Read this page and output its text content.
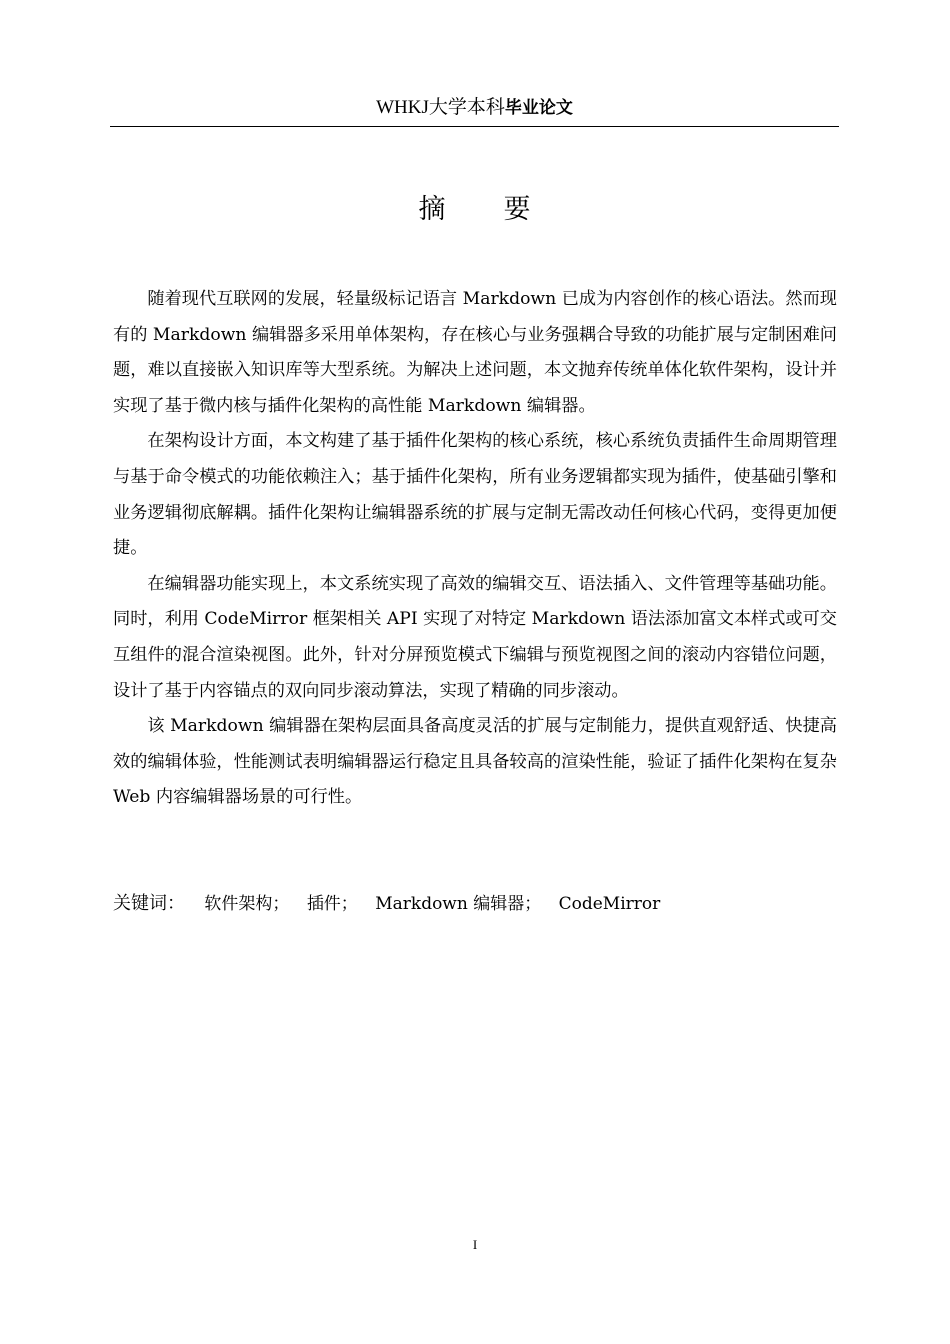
WHKJ大学本科毕业论文
摘要

随着现代互联网的发展，轻量级标记语言 Markdown 已成为内容创作的核心语法。然而现有的 Markdown 编辑器多采用单体架构，存在核心与业务强耦合导致的功能扩展与定制困难问题，难以直接嵌入知识库等大型系统。为解决上述问题，本文抛弃传统单体化软件架构，设计并实现了基于微内核与插件化架构的高性能 Markdown 编辑器。

在架构设计方面，本文构建了基于插件化架构的核心系统，核心系统负责插件生命周期管理与基于命令模式的功能依赖注入；基于插件化架构，所有业务逻辑都实现为插件，使基础引擎和业务逻辑彻底解耦。插件化架构让编辑器系统的扩展与定制无需改动任何核心代码，变得更加便捷。

在编辑器功能实现上，本文系统实现了高效的编辑交互、语法插入、文件管理等基础功能。同时，利用 CodeMirror 框架相关 API 实现了对特定 Markdown 语法添加富文本样式或可交互组件的混合渲染视图。此外，针对分屏预览模式下编辑与预览视图之间的滚动内容错位问题，设计了基于内容锚点的双向同步滚动算法，实现了精确的同步滚动。

该 Markdown 编辑器在架构层面具备高度灵活的扩展与定制能力，提供直观舒适、快捷高效的编辑体验，性能测试表明编辑器运行稳定且具备较高的渲染性能，验证了插件化架构在复杂 Web 内容编辑器场景的可行性。

关键词： 软件架构； 插件； Markdown 编辑器； CodeMirror
I
